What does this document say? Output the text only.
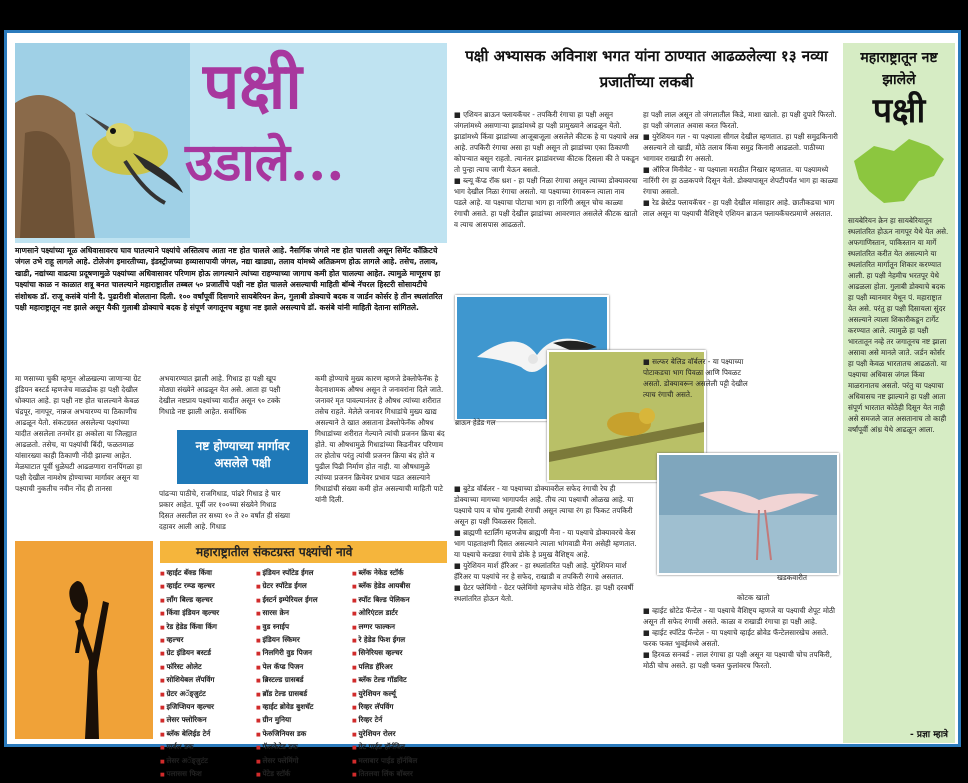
पक्षी
उडाले...
माणसाने पक्ष्यांच्या मूळ अधिवासावरच घाव घातल्याने पक्ष्यांचे अस्तित्वच आता नष्ट होत चालले आहे. नैसर्गिक जंगले नष्ट होत चालली असून सिमेंट काँक्रिटचे जंगल उभे राहू लागले आहे. टोलेजंग इमारतीच्या, इंडस्ट्रीजच्या हव्यासापायी जंगल, नद्या खाड्या, तलाव यांमध्ये अतिक्रमण होऊ लागले आहे. तसेच, तलाव, खाडी, नद्यांच्या वाढत्या प्रदूषणामुळे पक्ष्यांच्या अधिवासावर परिणाम होऊ लागल्याने त्यांच्या राहण्याच्या जागाच कमी होत चालल्या आहेत. त्यामुळे माणूसच हा पक्ष्यांचा काळ न काळात शत्रू बनत चालल्याने महाराष्ट्रातील तब्बल ५० प्रजातींचे पक्षी नष्ट होत चालले असल्याची माहिती बॉम्बे नॅचरल हिस्टरी सोसायटीचे संशोधक डॉ. राजू कसंबे यांनी दै. पुढारीशी बोलताना दिली. १०० वर्षांपूर्वी दिसणारे सायबेरियन क्रेन, गुलाबी डोक्याचे बदक व जार्डन कोर्सर हे तीन स्थलांतरित पक्षी महाराष्ट्रातून नष्ट झाले असून यैकी गुलाबी डोक्याचे बदक हे संपूर्ण जगातूनच बहुधा नष्ट झाले असल्याचे डॉ. कसंबे यांनी माहिती देताना सांगितले.
मा णसाच्या चुकी म्हणून ओळखल्या जाणाऱ्या ग्रेट इंडियन बस्टर्ड म्हणजेच माळढोक हा पक्षी देखील धोक्यात आहे. हा पक्षी नष्ट होत चालल्याने केवळ चंद्रपूर, नागपूर, नान्नज अभयारण्य या ठिकाणीच आढळून येतो. संकटग्रस्त असलेल्या पक्ष्यांच्या यादीत असलेला तनमोर हा अकोला या जिल्ह्यात आढळतो. तसेच, या पक्ष्यांची बिंदी, फळतमाळ यांसारख्या काही ठिकाणी नोंदी झाल्या आहेत. मेळघाटात पूर्वी धुळेघटी आढळणारा रानपिंगळा हा पक्षी देखील नामशेष होण्याच्या मार्गावर असून या पक्ष्याची नुकतीच नवीन नोंद ही तानसा
अभयारण्यात झाली आहे. गिधाड हा पक्षी खूप मोठ्या संख्येने आढळून येत असे. आता हा पक्षी देखील नष्टप्राय पक्ष्यांच्या यादीत असून ९० टक्के गिधाडे नष्ट झाली आहेत. सर्वाधिक
नष्ट होण्याच्या मार्गावर असलेले पक्षी
पांढऱ्या पाठीचे, राजगिधाड, पांढरे गिधाड हे चार प्रकार आहेत. पूर्वी जर १००च्या संख्येने गिधाड दिसत असतील तर सध्या १० ते २० वर्षांत ही संख्या दहावर आली आहे. गिधाड
कमी होण्याचे मुख्य कारण म्हणजे डेक्लोफेनॅक हे वेदनाशामक औषध असून ते जनावरांना दिले जाते. जनावरं मृत पावल्यानंतर हे औषध त्यांच्या शरीरात तसेच राहते. मेलेले जनावर गिधाडांचे मुख्य खाद्य असल्याने ते खात असताना डेक्लोफेनॅक औषध गिधाडांच्या शरीरात गेल्याने त्यांची प्रजनन क्रिया बंद होते. या औषधामुळे गिधाडांच्या किडनीवर परिणाम तर होतोच परंतु त्यांची प्रजनन क्रिया बंद होते व पुढील पिढी निर्माण होत नाही. या औषधामुळे त्यांच्या प्रजनन क्रियेवर प्रभाव पडत असल्याने गिधाडांची संख्या कमी होत असल्याची माहिती पाटे यांनी दिली.
महाराष्ट्रातील संकटग्रस्त पक्ष्यांची नावे
■ व्हाईट बॅक्ड किंवा
■ व्हाईट रम्प्ड व्हल्चर
■ लाँग बिल्ड व्हल्चर
■ किंवा इंडियन व्हल्चर
■ रेड हेडेड किंवा किंग
■ व्हल्चर
■ ग्रेट इंडियन बस्टर्ड
■ फॉरेस्ट ओलेट
■ सोशियेबल लॅपविंग
■ ग्रेटर अॅड्‍जुटंट
■ इजिप्शियन व्हल्चर
■ लेसर फ्लोरिकन
■ ब्लॅक बेलिईड टेर्न
■ मार्बल डक
■ लेसर अॅड्‍जुटंट
■ पलासस फिश
■ इंडियन स्पॉटेड ईगल
■ ग्रेटर स्पॉटेड ईगल
■ ईस्टर्न इम्पेरियल ईगल
■ सारस क्रेन
■ वुड स्नाईप
■ इंडियन स्किमर
■ निलगिरी वुड पिजन
■ पेल कॅप्ड पिजन
■ ब्रिस्टल्ड ग्रासबर्ड
■ ब्रॉड टेल्ड ग्रासबर्ड
■ व्हाईट ब्रोवेड बुशचॅट
■ ग्रीन मुनिया
■ फेरुजिनियस डक
■ फॅलकेटेड डक
■ लेसर फ्लेमिंगो
■ पेंटेड स्टॉर्क
■ ब्लॅक नेकेड स्टॉर्क
■ ब्लॅक हेडेड आयबीस
■ स्पॉट बिल्ड पेलिकन
■ ओरिएंटल डार्टर
■ लग्गर फाल्कन
■ रे हेडेड फिश ईगल
■ सिनेरियस व्हल्चर
■ पलिड हॅरिअर
■ ब्लॅक टेल्ड गॉडविट
■ युरेशियन कर्ल्यू
■ रिव्हर लॅपविंग
■ रिव्हर टेर्न
■ युरेशियन रोलर
■ ग्रेट पाईड हॉर्नबिल
■ मलाबार पाईड हॉर्नबिल
■ तितलवा लिंक बॉब्लर
पक्षी अभ्यासक अविनाश भगत यांना ठाण्यात आढळलेल्या १३ नव्या प्रजातींच्या लकबी
■ एशियन ब्राऊन फ्लायकॅचर - तपकिरी रंगाचा हा पक्षी असून जंगलांमध्ये असणाऱ्या झाडांमध्ये हा पक्षी प्रामुख्याने आढळून येतो. झाडांमध्ये किंवा झाडांच्या आजूबाजूला असलेले कीटक हे या पक्ष्याचे अन्न आहे. तपकिरी रंगाचा असा हा पक्षी असून तो झाडांच्या एका ठिकाणी कोपऱ्यात बसून राहतो. त्यानंतर झाडांवरच्या कीटक दिसला की ते पकडून तो पुन्हा त्याच जागी येऊन बसतो.
■ ब्ल्यू कॅप्ड रॉक थ्रश - हा पक्षी निळा रंगाचा असून त्याच्या डोक्यावरचा भाग देखील निळा रंगाचा असतो. या पक्ष्याच्या रंगावरून त्याला नाव पडले आहे. या पक्ष्याचा पोटाचा भाग हा नारिंगी असून चोच काळ्या रंगाची असते. हा पक्षी देखील झाडांच्या आवरणात असलेले कीटक खातो व त्याच आसपास आढळतो.
हा पक्षी लाल असून तो जंगलातील किडे, माशा खातो. हा पक्षी दुपारे फिरतो. हा पक्षी जंगलात अवास करत फिरतो.
■ युरेशियन गल - या पक्ष्याला सीगल देखील म्हणतात. हा पक्षी समुद्रकिनारी असल्याने तो खाडी, मोठे तलाव किंवा समुद्र किनारी आढळतो. पाठीच्या भागावर राखाडी रंग असतो.
■ ऑरिज मिनीवेट - या पक्ष्याला मराठीत निखार म्हणतात. या पक्ष्यामध्ये नारिंगी रंग हा ठळकपणे दिसून येतो. डोक्यापासून शेपटीपर्यंत भाग हा काळ्या रंगाचा असतो.
■ रेड ब्रेस्टेड फ्लायकॅचर - हा पक्षी देखील मांसाहार आहे. छातीकडचा भाग लाल असून या पक्ष्याची वैशिष्ट्ये एशियन ब्राऊन फ्लायकॅचरप्रमाणे असतात.
ब्राऊन हेडेड गल
खडकवारीत
कोटक खातो
■ बुटेड वॉर्बलर - या पक्ष्याच्या डोक्यावरील सफेद रंगाची रेघ ही डोक्याच्या मागच्या भागापर्यंत आहे. तीच त्या पक्ष्याची ओळख आहे. या पक्ष्याचे पाय व चोच गुलाबी रंगाची असून त्याचा रंग हा फिकट तपकिरी असून हा पक्षी पिवळसर दिसतो.
■ ब्राह्मणी स्टार्लिंग म्हणजेच ब्राह्मणी मैना - या पक्ष्याचे डोक्यावरचे केस भाग पाहताक्षणी दिसत असल्याने त्याला भांगवाडी मैना असेही म्हणतात. या पक्ष्याचे करड्या रंगाचे डोके हे प्रमुख वैशिष्ट्य आहे.
■ युरेशियन मार्श हॅरिअर - हा स्थलांतरित पक्षी आहे. युरेशियन मार्श हॅरिअर या पक्ष्यांचे नर हे सफेद, राखाडी व तपकिरी रंगाचे असतात.
■ ग्रेटर फ्लेमिंगो - ग्रेटर फ्लेमिंगो म्हणजेच मोठे रोहित. हा पक्षी दरवर्षी स्थलांतरित होऊन येतो.
■ सल्फर बेलिड वॉर्बलर - या पक्ष्याच्या पोटाकडचा भाग पिवळा आणि पिवळट असतो. डोक्यावरून असलेली पट्टी देखील त्याच रंगाची असते.
■ व्हाईट थ्रोटेड फॅन्टेल - या पक्ष्याचे वैशिष्ट्य म्हणजे या पक्ष्याची शेपूट मोठी असून ती सफेद रंगाची असते. काळा व राखाडी रंगाचा हा पक्षी आहे.
■ व्हाईट स्पॉटेड फॅन्टेल - या पक्ष्याचे व्हाईट ब्रोवेड फॅन्टेलसारखेच असते. फरक फक्त भुवईमध्ये असतो.
■ हिरवळ सनबर्ड - लाल रंगाचा हा पक्षी असून या पक्ष्याची चोच तपकिरी, मोठी चोच असते. हा पक्षी फक्त फुलांवरच फिरतो.
महाराष्ट्रातून नष्ट झालेले
पक्षी
सायबेरियन क्रेन हा सायबेरियातून स्थलांतरित होऊन नागपूर येथे येत असे. अफगाणिस्तान, पाकिस्तान या मार्गे स्थलांतरित करीत येत असल्याने या स्थलांतरित मार्गातून शिकार करण्यात आली. हा पक्षी नेहमीच भरतपूर येथे आढळला होता. गुलाबी डोक्याचे बदक हा पक्षी म्यानमार येथून पं. महाराष्ट्रात येत असे. परंतु हा पक्षी दिसायला सुंदर असल्याने त्याला शिकारीकडून टार्गेट करण्यात आले. त्यामुळे हा पक्षी भारतातून नव्हे तर जगातूनच नष्ट झाला असावा असे मानले जाते. जर्डन कोर्सर हा पक्षी केवळ भारतातच आढळतो. या पक्ष्याचा अधिवास जंगल किंवा माळरानातच असतो. परंतु या पक्ष्याचा अधिवासच नष्ट झाल्याने हा पक्षी आता संपूर्ण भारतात कोठेही दिसून येत नाही असे समजले जात असतानाच तो काही वर्षांपूर्वी आंध्र येथे आढळून आला.
- प्रज्ञा म्हात्रे
